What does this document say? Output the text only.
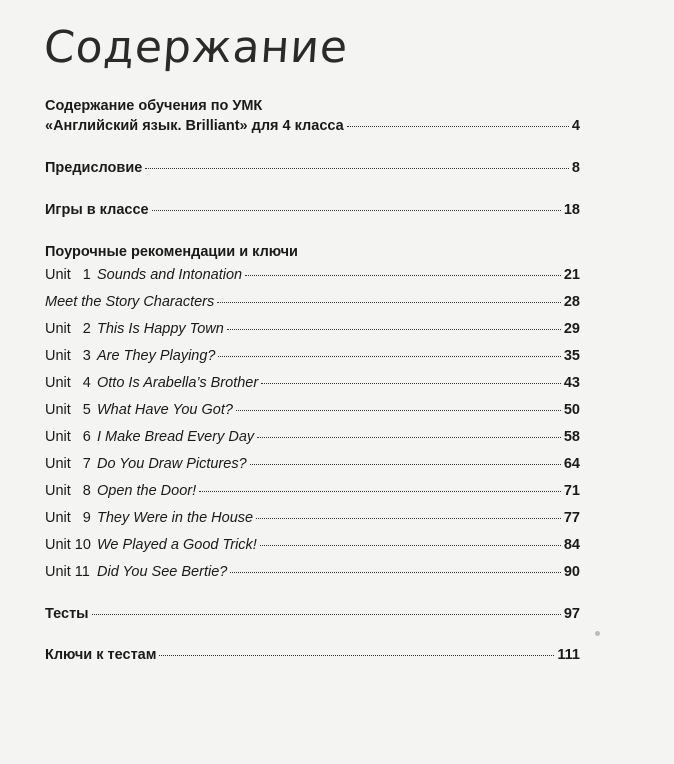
Содержание
Содержание обучения по УМК
«Английский язык. Brilliant» для 4 класса	4
Предисловие	8
Игры в классе	18
Поурочные рекомендации и ключи
Unit 1 Sounds and Intonation	21
Meet the Story Characters	28
Unit 2 This Is Happy Town	29
Unit 3 Are They Playing?	35
Unit 4 Otto Is Arabella’s Brother	43
Unit 5 What Have You Got?	50
Unit 6 I Make Bread Every Day	58
Unit 7 Do You Draw Pictures?	64
Unit 8 Open the Door!	71
Unit 9 They Were in the House	77
Unit 10 We Played a Good Trick!	84
Unit 11 Did You See Bertie?	90
Тесты	97
Ключи к тестам	111
